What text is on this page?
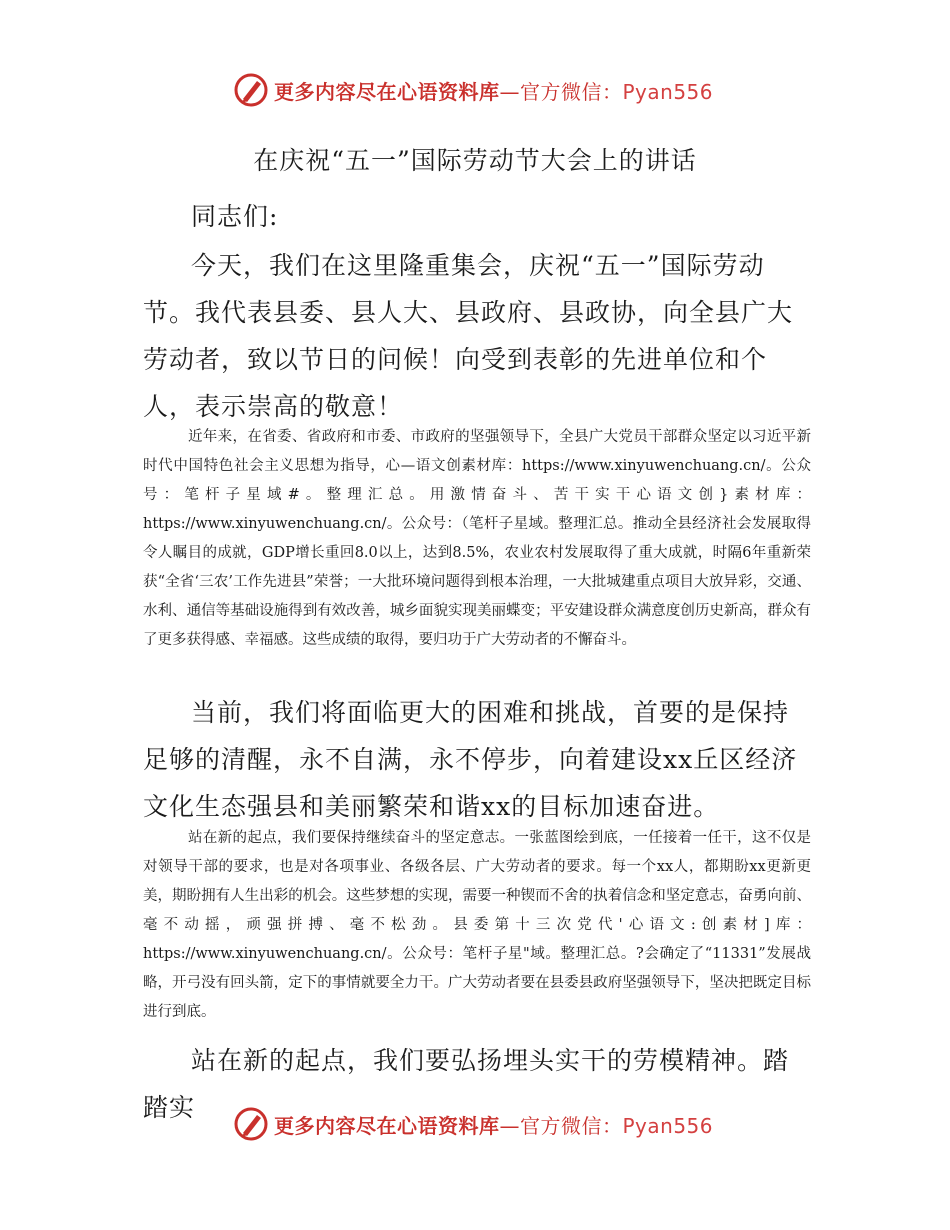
更多内容尽在心语资料库—官方微信：Pyan556
在庆祝“五一”国际劳动节大会上的讲话
同志们:
今天，我们在这里隆重集会，庆祝“五一”国际劳动节。我代表县委、县人大、县政府、县政协，向全县广大劳动者，致以节日的问候！向受到表彰的先进单位和个人，表示崇高的敬意！
近年来，在省委、省政府和市委、市政府的坚强领导下，全县广大党员干部群众坚定以习近平新时代中国特色社会主义思想为指导，心—语文创素材库：https://www.xinyuwenchuang.cn/。公众号：笔杆子星域#。整理汇总。用激情奋斗、苦干实干心语文创}素材库：https://www.xinyuwenchuang.cn/。公众号：（笔杆子星域。整理汇总。推动全县经济社会发展取得令人瞩目的成就，GDP增长重回8.0以上，达到8.5%，农业农村发展取得了重大成就，时隔6年重新荣获“全省‘三农’工作先进县”荣誉；一大批环境问题得到根本治理，一大批城建重点项目大放异彩，交通、水利、通信等基础设施得到有效改善，城乡面貌实现美丽蝶变；平安建设群众满意度创历史新高，群众有了更多获得感、幸福感。这些成绩的取得，要归功于广大劳动者的不懈奋斗。
当前，我们将面临更大的困难和挑战，首要的是保持足够的清醒，永不自满，永不停步，向着建设xx丘区经济文化生态强县和美丽繁荣和谐xx的目标加速奋进。
站在新的起点，我们要保持继续奋斗的坚定意志。一张蓝图绘到底，一任接着一任干，这不仅是对领导干部的要求，也是对各项事业、各级各层、广大劳动者的要求。每一个xx人，都期盼xx更新更美，期盼拥有人生出彩的机会。这些梦想的实现，需要一种锲而不舍的执着信念和坚定意志，奋勇向前、毫不动摇，顽强拼搏、毫不松劲。县委第十三次党代'心语文:创素材]库：https://www.xinyuwenchuang.cn/。公众号：笔杆子星"域。整理汇总。?会确定了“11331”发展战略，开弓没有回头箭，定下的事情就要全力干。广大劳动者要在县委县政府坚强领导下，坚决把既定目标进行到底。
站在新的起点，我们要弘扬埋头实干的劳模精神。踏踏实
更多内容尽在心语资料库—官方微信：Pyan556
